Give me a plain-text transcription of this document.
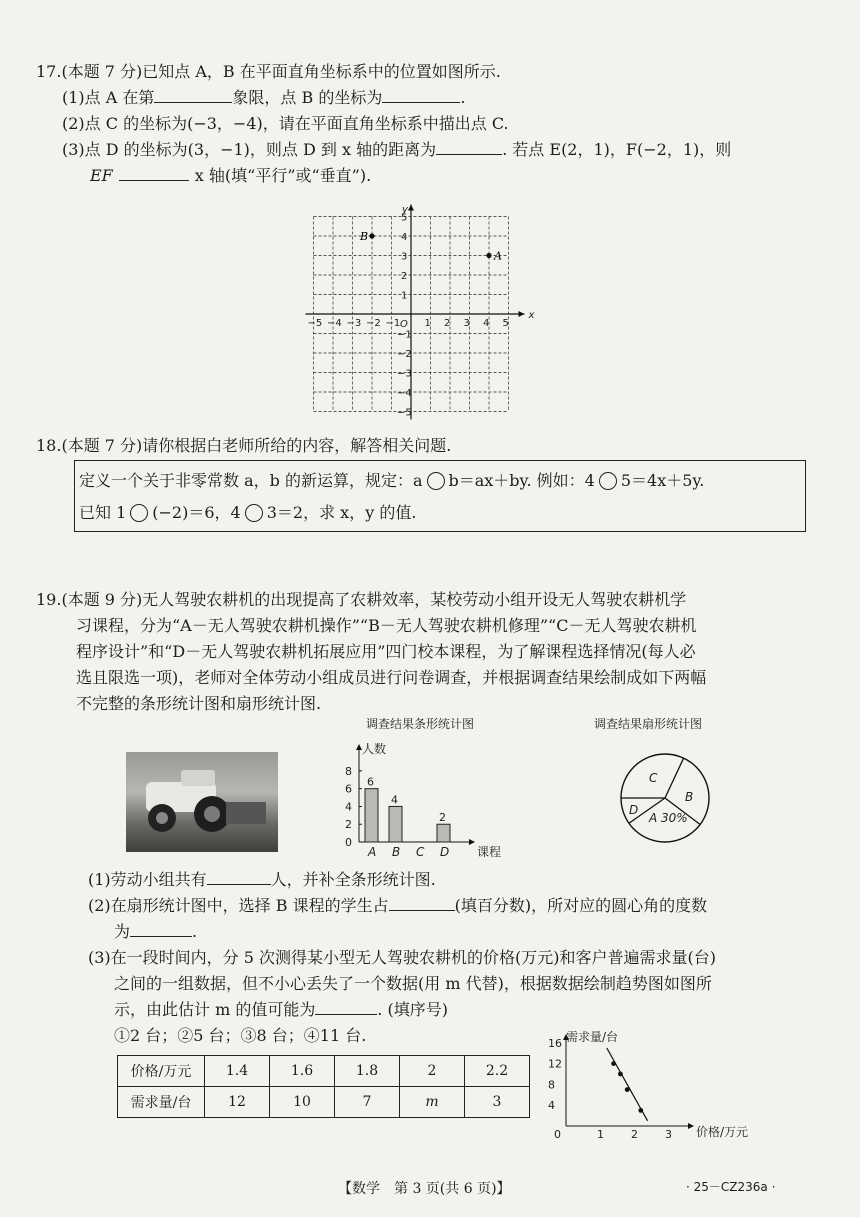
17.(本题 7 分)已知点 A，B 在平面直角坐标系中的位置如图所示.
(1)点 A 在第	象限，点 B 的坐标为	.
(2)点 C 的坐标为(−3，−4)，请在平面直角坐标系中描出点 C.
(3)点 D 的坐标为(3，−1)，则点 D 到 x 轴的距离为	. 若点 E(2，1)，F(−2，1)，则
EF	x 轴(填“平行”或“垂直”).
x
y
O
−5 −4 −3 −2 −1 1 2 3 4 5
5
4
3
2
1
−1
−2
−3
−4
−5
A
B
18.(本题 7 分)请你根据白老师所给的内容，解答相关问题.
定义一个关于非零常数 a，b 的新运算，规定：a b＝ax＋by. 例如：4 5＝4x＋5y.
已知 1 (−2)＝6，4 3＝2，求 x，y 的值.
19.(本题 9 分)无人驾驶农耕机的出现提高了农耕效率，某校劳动小组开设无人驾驶农耕机学
习课程，分为“A－无人驾驶农耕机操作”“B－无人驾驶农耕机修理”“C－无人驾驶农耕机
程序设计”和“D－无人驾驶农耕机拓展应用”四门校本课程，为了解课程选择情况(每人必
选且限选一项)，老师对全体劳动小组成员进行问卷调查，并根据调查结果绘制成如下两幅
不完整的条形统计图和扇形统计图.
调查结果条形统计图	调查结果扇形统计图
人数
课程
0
2
4
6
8
A
6
B
4
C D
2	A 30%
B
C
D
(1)劳动小组共有	人，并补全条形统计图.
(2)在扇形统计图中，选择 B 课程的学生占	(填百分数)，所对应的圆心角的度数
为	.
(3)在一段时间内，分 5 次测得某小型无人驾驶农耕机的价格(万元)和客户普遍需求量(台)
之间的一组数据，但不小心丢失了一个数据(用 m 代替)，根据数据绘制趋势图如图所
示，由此估计 m 的值可能为	. (填序号)
①2 台；②5 台；③8 台；④11 台.
价格/万元	1.4	1.6	1.8	2	2.2
需求量/台	12	10	7	m	3
需求量/台
价格/万元
0	1 2 3
4
8
12
16
【数学　第 3 页(共 6 页)】	· 25－CZ236a ·
